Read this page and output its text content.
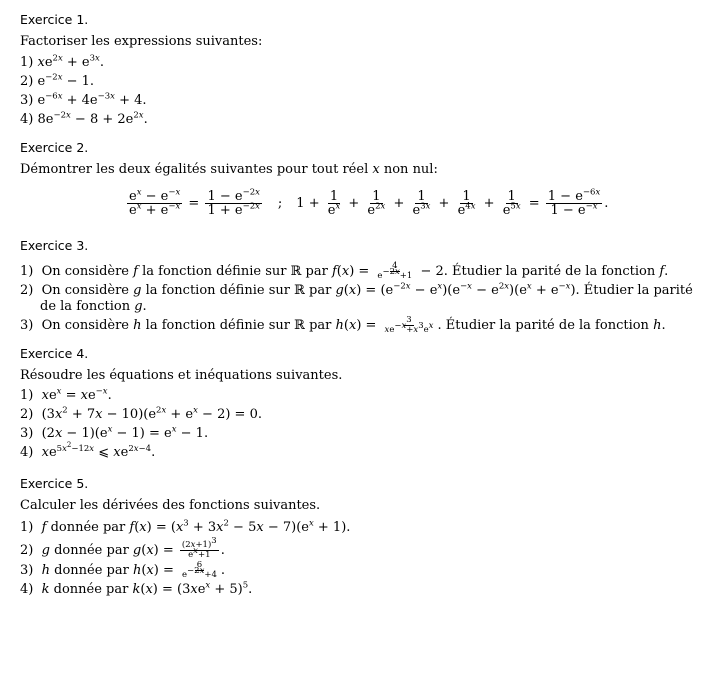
Exercice 1.
Factoriser les expressions suivantes:
1) $xe^{2x} + e^{3x}$.
2) $e^{-2x} - 1$.
3) $e^{-6x} + 4e^{-3x} + 4$.
4) $8e^{-2x} - 8 + 2e^{2x}$.
Exercice 2.
Démontrer les deux égalités suivantes pour tout réel x non nul:
$\frac{e^x - e^{-x}}{e^x + e^{-x}} = \frac{1 - e^{-2x}}{1 + e^{-2x}}$ ; $1 + \frac{1}{e^x} + \frac{1}{e^{2x}} + \frac{1}{e^{3x}} + \frac{1}{e^{4x}} + \frac{1}{e^{5x}} = \frac{1 - e^{-6x}}{1 - e^{-x}}$ .
Exercice 3.
1)  On considère f la fonction définie sur ℝ par $f(x) = \frac{4}{e^{-2x}+1} - 2$. Étudier la parité de la fonction f.
2)  On considère g la fonction définie sur ℝ par $g(x) = (e^{-2x} - e^x)(e^{-x} - e^{2x})(e^x + e^{-x})$. Étudier la parité
de la fonction g.
3)  On considère h la fonction définie sur ℝ par $h(x) = \frac{3}{xe^{-x}+x^3e^x}$ . Étudier la parité de la fonction h.
Exercice 4.
Résoudre les équations et inéquations suivantes.
1)  $xe^x = xe^{-x}$.
2)  $(3x^2 + 7x - 10)(e^{2x} + e^x - 2) = 0$.
3)  $(2x - 1)(e^x - 1) = e^x - 1$.
4)  $xe^{5x^2-12x}$ ⩽ $xe^{2x-4}$.
Exercice 5.
Calculer les dérivées des fonctions suivantes.
1)  f donnée par $f(x) = (x^3 + 3x^2 - 5x - 7)(e^x + 1)$.
2)  g donnée par $g(x) = \frac{(2x+1)^3}{e^x+1}$ .
3)  h donnée par $h(x) = \frac{6}{e^{-2x}+4}$ .
4)  k donnée par $k(x) = (3xe^x + 5)^5$.
